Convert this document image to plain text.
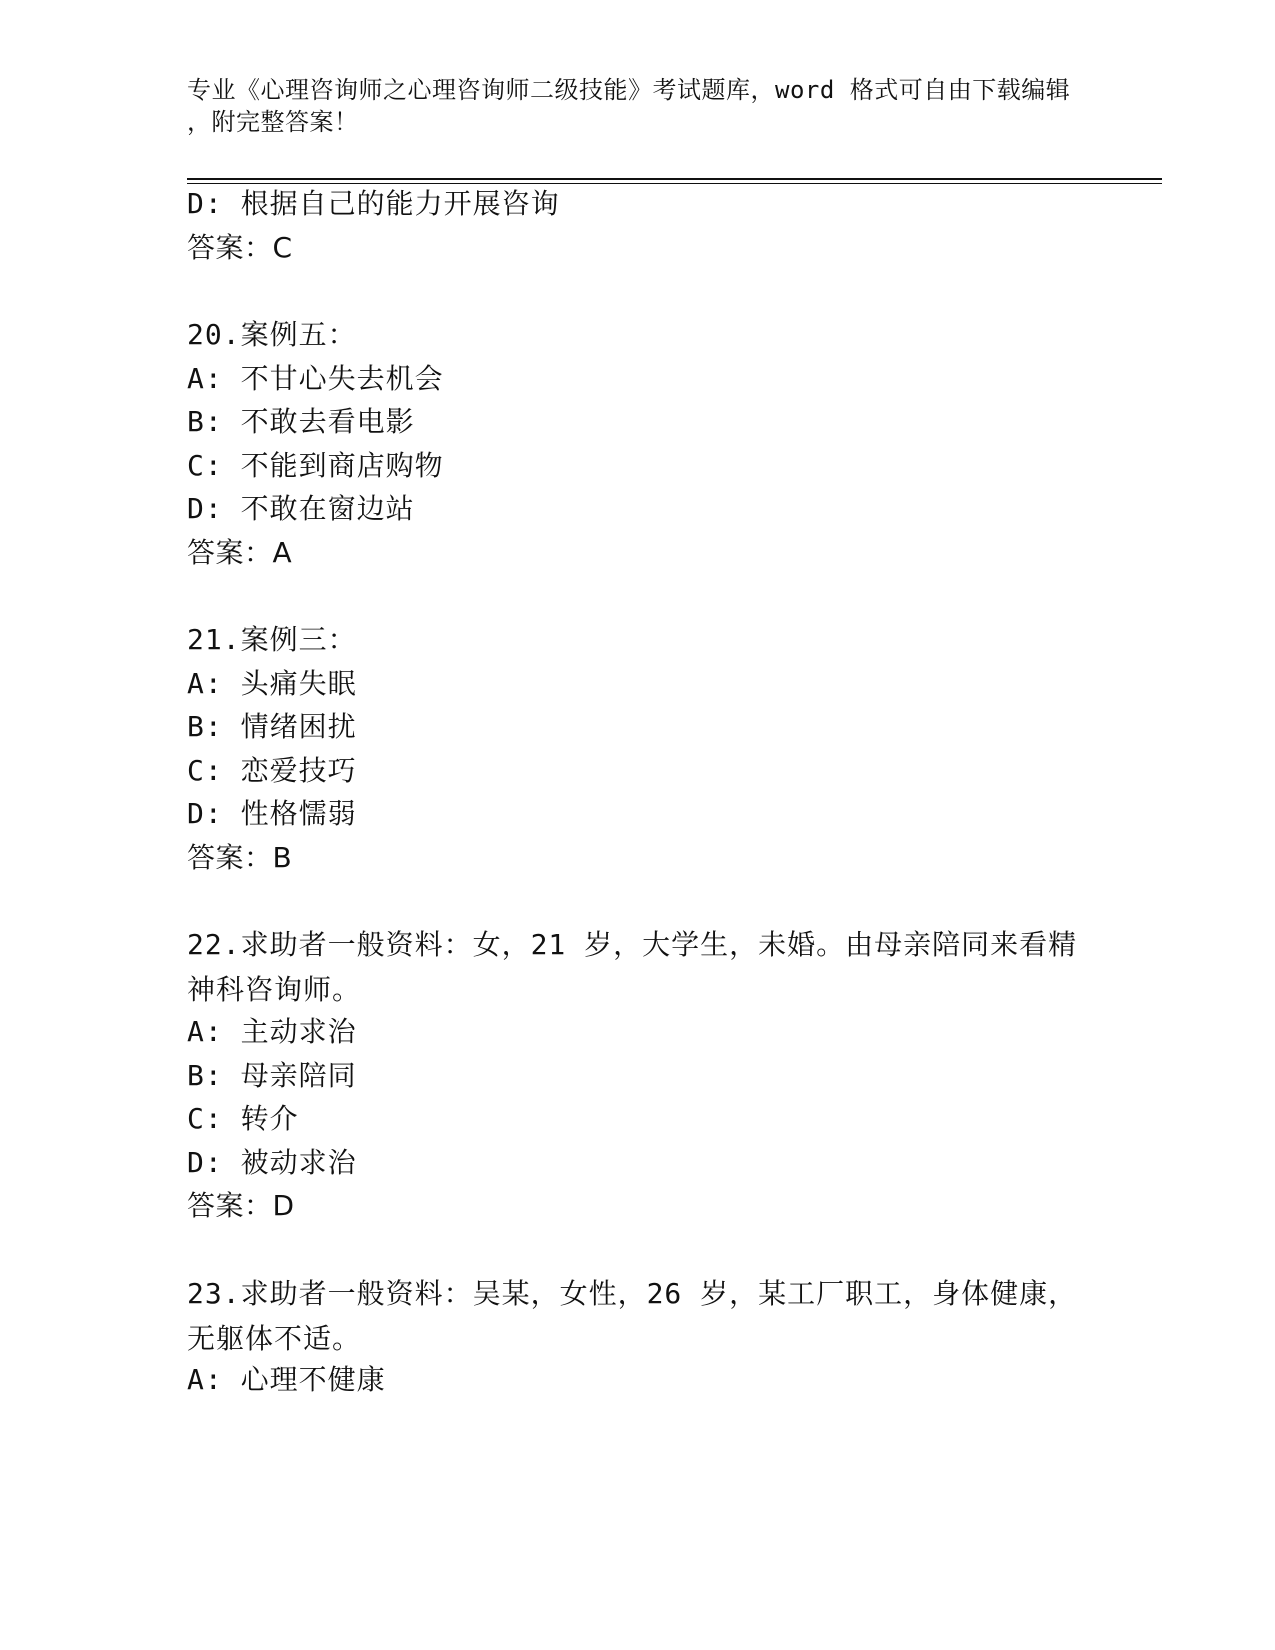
专业《心理咨询师之心理咨询师二级技能》考试题库，word 格式可自由下载编辑
，附完整答案！
D: 根据自己的能力开展咨询
答案：C
20.案例五：
A: 不甘心失去机会
B: 不敢去看电影
C: 不能到商店购物
D: 不敢在窗边站
答案：A
21.案例三：
A: 头痛失眠
B: 情绪困扰
C: 恋爱技巧
D: 性格懦弱
答案：B
22.求助者一般资料：女，21 岁，大学生，未婚。由母亲陪同来看精神科咨询师。
A: 主动求治
B: 母亲陪同
C: 转介
D: 被动求治
答案：D
23.求助者一般资料：吴某，女性，26 岁，某工厂职工，身体健康，无躯体不适。
A: 心理不健康
